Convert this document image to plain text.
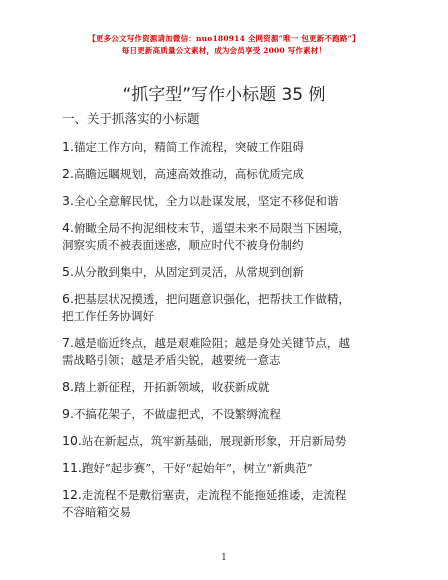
【更多公文写作资源请加微信：nuo180914 全网资源“唯一 包更新不跑路”】
每日更新高质量公文素材，成为会员享受 2000 写作素材！
“抓字型”写作小标题 35 例
一、关于抓落实的小标题
1.锚定工作方向，精简工作流程，突破工作阻碍
2.高瞻远瞩规划，高速高效推动，高标优质完成
3.全心全意解民忧，全力以赴谋发展，坚定不移促和谐
4.俯瞰全局不拘泥细枝末节，遥望未来不局限当下困境，
洞察实质不被表面迷惑，顺应时代不被身份制约
5.从分散到集中，从固定到灵活，从常规到创新
6.把基层状况摸透，把问题意识强化，把帮扶工作做精，
把工作任务协调好
7.越是临近终点，越是艰难险阻；越是身处关键节点，越
需战略引领；越是矛盾尖锐，越要统一意志
8.踏上新征程，开拓新领域，收获新成就
9.不搞花架子，不做虚把式，不设繁缛流程
10.站在新起点，筑牢新基础，展现新形象，开启新局势
11.跑好“起步赛”，干好“起始年”，树立“新典范”
12.走流程不是敷衍塞责，走流程不能拖延推诿，走流程
不容暗箱交易
1
